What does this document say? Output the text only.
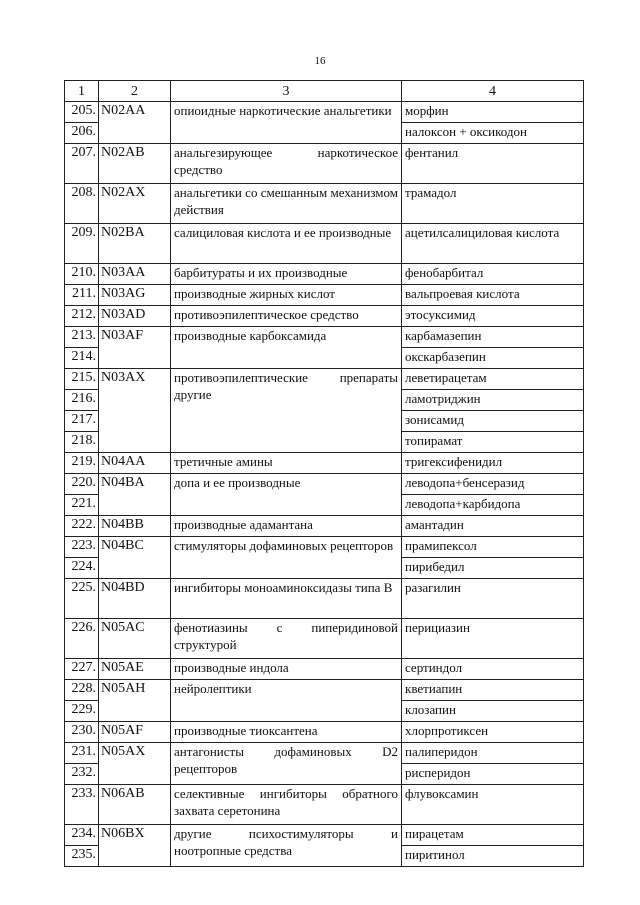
16
1	2	3	4
205.	N02AA	опиоидные наркотические анальгетики	морфин
206.			налоксон + оксикодон
207.	N02AB	анальгезирующее наркотическое средство	фентанил
208.	N02AX	анальгетики со смешанным механизмом действия	трамадол
209.	N02BA	салициловая кислота и ее производные	ацетилсалициловая кислота
210.	N03AA	барбитураты и их производные	фенобарбитал
211.	N03AG	производные жирных кислот	вальпроевая кислота
212.	N03AD	противоэпилептическое средство	этосуксимид
213.	N03AF	производные карбоксамида	карбамазепин
214.			окскарбазепин
215.	N03AX	противоэпилептические препараты другие	леветирацетам
216.			ламотриджин
217.			зонисамид
218.			топирамат
219.	N04AA	третичные амины	тригексифенидил
220.	N04BA	допа и ее производные	леводопа+бенсеразид
221.			леводопа+карбидопа
222.	N04BB	производные адамантана	амантадин
223.	N04BC	стимуляторы дофаминовых рецепторов	прамипексол
224.			пирибедил
225.	N04BD	ингибиторы моноаминоксидазы типа В	разагилин
226.	N05AC	фенотиазины с пиперидиновой структурой	перициазин
227.	N05AE	производные индола	сертиндол
228.	N05AH	нейролептики	кветиапин
229.			клозапин
230.	N05AF	производные тиоксантена	хлорпротиксен
231.	N05AX	антагонисты дофаминовых D2 рецепторов	палиперидон
232.			рисперидон
233.	N06AB	селективные ингибиторы обратного захвата серетонина	флувоксамин
234.	N06BX	другие психостимуляторы и ноотропные средства	пирацетам
235.			пиритинол
